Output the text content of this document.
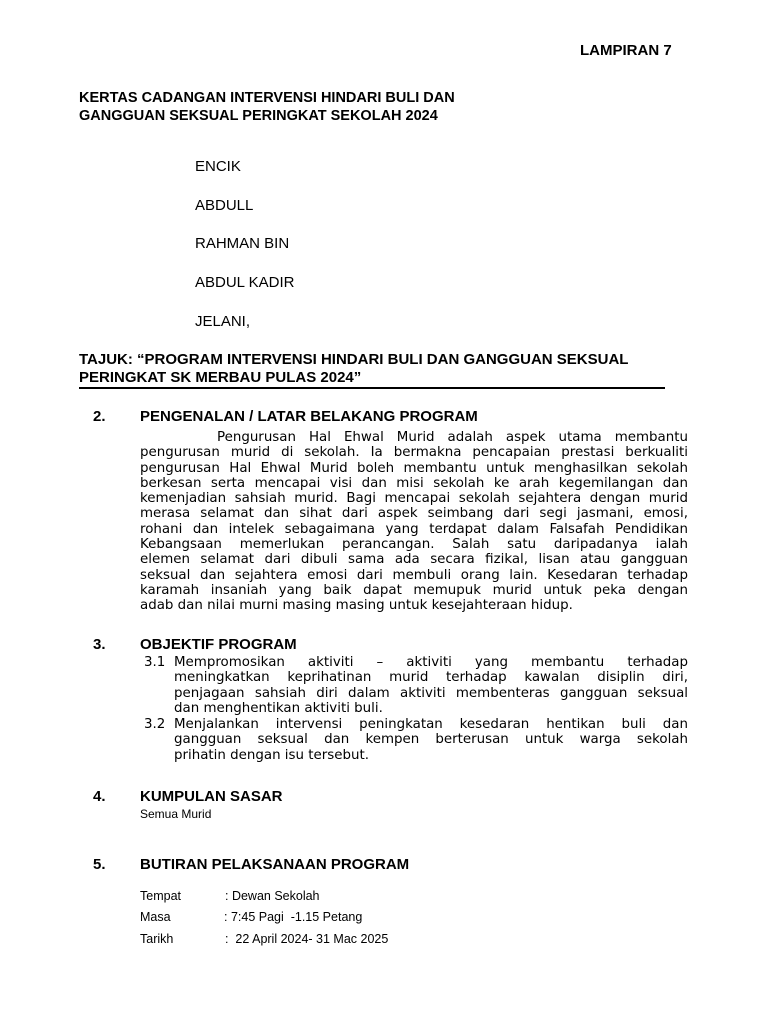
LAMPIRAN 7
KERTAS CADANGAN INTERVENSI HINDARI BULI DAN
GANGGUAN SEKSUAL PERINGKAT SEKOLAH 2024
ENCIK
ABDULL
RAHMAN BIN
ABDUL KADIR
JELANI,
TAJUK: “PROGRAM INTERVENSI HINDARI BULI DAN GANGGUAN SEKSUAL
PERINGKAT SK MERBAU PULAS 2024”
2. PENGENALAN / LATAR BELAKANG PROGRAM
Pengurusan Hal Ehwal Murid adalah aspek utama membantu
pengurusan murid di sekolah. Ia bermakna pencapaian prestasi berkualiti
pengurusan Hal Ehwal Murid boleh membantu untuk menghasilkan sekolah
berkesan serta mencapai visi dan misi sekolah ke arah kegemilangan dan
kemenjadian sahsiah murid. Bagi mencapai sekolah sejahtera dengan murid
merasa selamat dan sihat dari aspek seimbang dari segi jasmani, emosi,
rohani dan intelek sebagaimana yang terdapat dalam Falsafah Pendidikan
Kebangsaan memerlukan perancangan. Salah satu daripadanya ialah
elemen selamat dari dibuli sama ada secara fizikal, lisan atau gangguan
seksual dan sejahtera emosi dari membuli orang lain. Kesedaran terhadap
karamah insaniah yang baik dapat memupuk murid untuk peka dengan
adab dan nilai murni masing masing untuk kesejahteraan hidup.
3. OBJEKTIF PROGRAM
3.1 Mempromosikan aktiviti – aktiviti yang membantu terhadap
meningkatkan keprihatinan murid terhadap kawalan disiplin diri,
penjagaan sahsiah diri dalam aktiviti membenteras gangguan seksual
dan menghentikan aktiviti buli.
3.2 Menjalankan intervensi peningkatan kesedaran hentikan buli dan
gangguan seksual dan kempen berterusan untuk warga sekolah
prihatin dengan isu tersebut.
4. KUMPULAN SASAR
Semua Murid
5. BUTIRAN PELAKSANAAN PROGRAM
Tempat	: Dewan Sekolah
Masa	: 7:45 Pagi  -1.15 Petang
Tarikh	:  22 April 2024- 31 Mac 2025
